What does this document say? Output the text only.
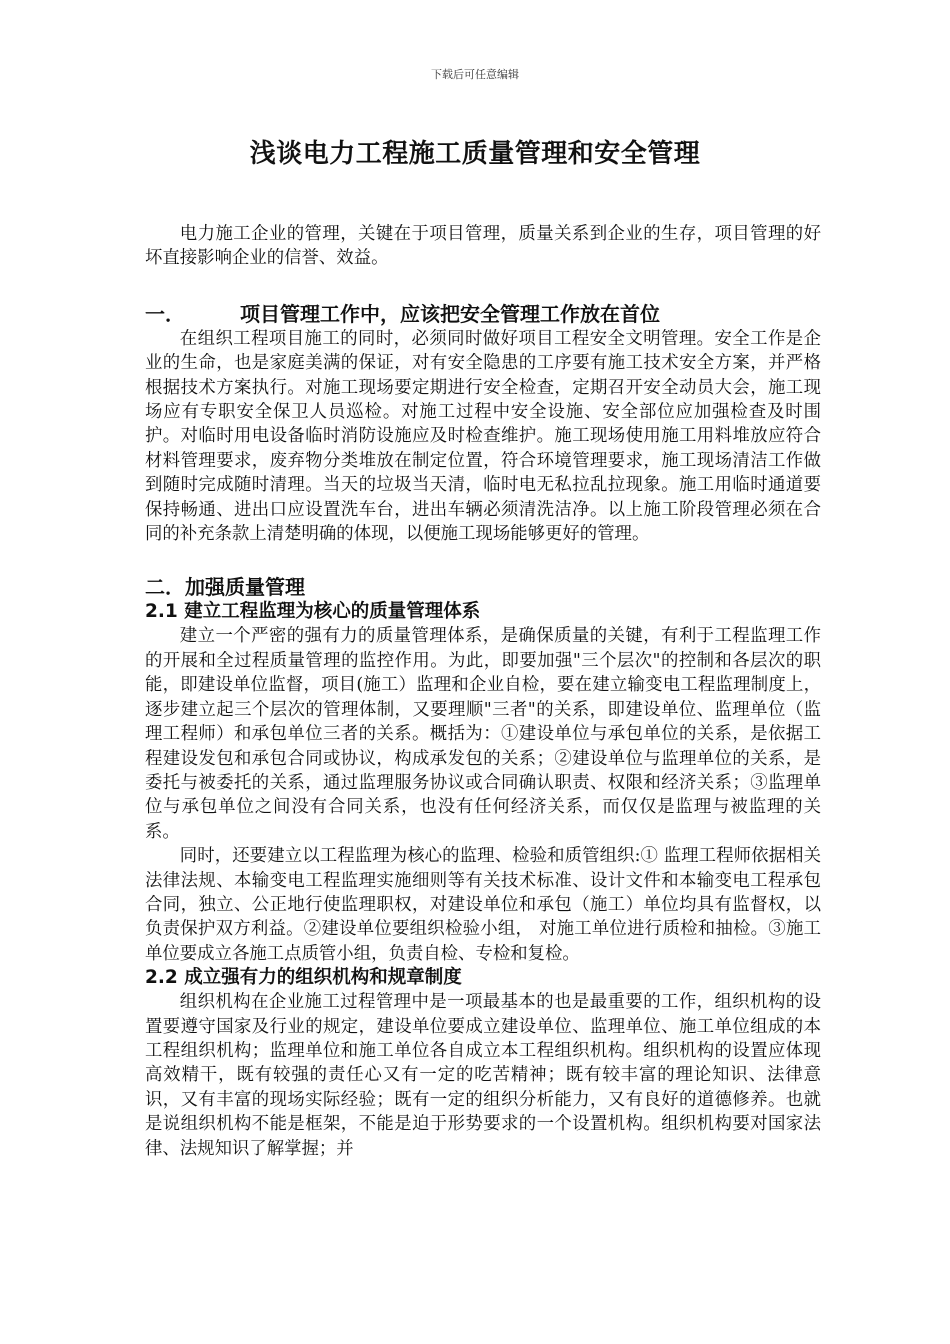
下载后可任意编辑
浅谈电力工程施工质量管理和安全管理

电力施工企业的管理，关键在于项目管理，质量关系到企业的生存，项目管理的好坏直接影响企业的信誉、效益。

一．	项目管理工作中，应该把安全管理工作放在首位

在组织工程项目施工的同时，必须同时做好项目工程安全文明管理。安全工作是企业的生命，也是家庭美满的保证，对有安全隐患的工序要有施工技术安全方案，并严格根据技术方案执行。对施工现场要定期进行安全检查，定期召开安全动员大会，施工现场应有专职安全保卫人员巡检。对施工过程中安全设施、安全部位应加强检查及时围护。对临时用电设备临时消防设施应及时检查维护。施工现场使用施工用料堆放应符合材料管理要求，废弃物分类堆放在制定位置，符合环境管理要求，施工现场清洁工作做到随时完成随时清理。当天的垃圾当天清，临时电无私拉乱拉现象。施工用临时通道要保持畅通、进出口应设置洗车台，进出车辆必须清洗洁净。以上施工阶段管理必须在合同的补充条款上清楚明确的体现，以便施工现场能够更好的管理。

二．加强质量管理
2.1 建立工程监理为核心的质量管理体系

建立一个严密的强有力的质量管理体系，是确保质量的关键，有利于工程监理工作的开展和全过程质量管理的监控作用。为此，即要加强"三个层次"的控制和各层次的职能，即建设单位监督，项目(施工）监理和企业自检，要在建立输变电工程监理制度上，逐步建立起三个层次的管理体制，又要理顺"三者"的关系，即建设单位、监理单位（监理工程师）和承包单位三者的关系。概括为：①建设单位与承包单位的关系，是依据工程建设发包和承包合同或协议，构成承发包的关系；②建设单位与监理单位的关系，是委托与被委托的关系，通过监理服务协议或合同确认职责、权限和经济关系；③监理单位与承包单位之间没有合同关系，也没有任何经济关系，而仅仅是监理与被监理的关系。

同时，还要建立以工程监理为核心的监理、检验和质管组织:① 监理工程师依据相关法律法规、本输变电工程监理实施细则等有关技术标准、设计文件和本输变电工程承包合同，独立、公正地行使监理职权，对建设单位和承包（施工）单位均具有监督权，以负责保护双方利益。②建设单位要组织检验小组， 对施工单位进行质检和抽检。③施工单位要成立各施工点质管小组，负责自检、专检和复检。

2.2 成立强有力的组织机构和规章制度

组织机构在企业施工过程管理中是一项最基本的也是最重要的工作，组织机构的设置要遵守国家及行业的规定，建设单位要成立建设单位、监理单位、施工单位组成的本工程组织机构；监理单位和施工单位各自成立本工程组织机构。组织机构的设置应体现高效精干，既有较强的责任心又有一定的吃苦精神；既有较丰富的理论知识、法律意识，又有丰富的现场实际经验；既有一定的组织分析能力，又有良好的道德修养。也就是说组织机构不能是框架，不能是迫于形势要求的一个设置机构。组织机构要对国家法律、法规知识了解掌握；并
